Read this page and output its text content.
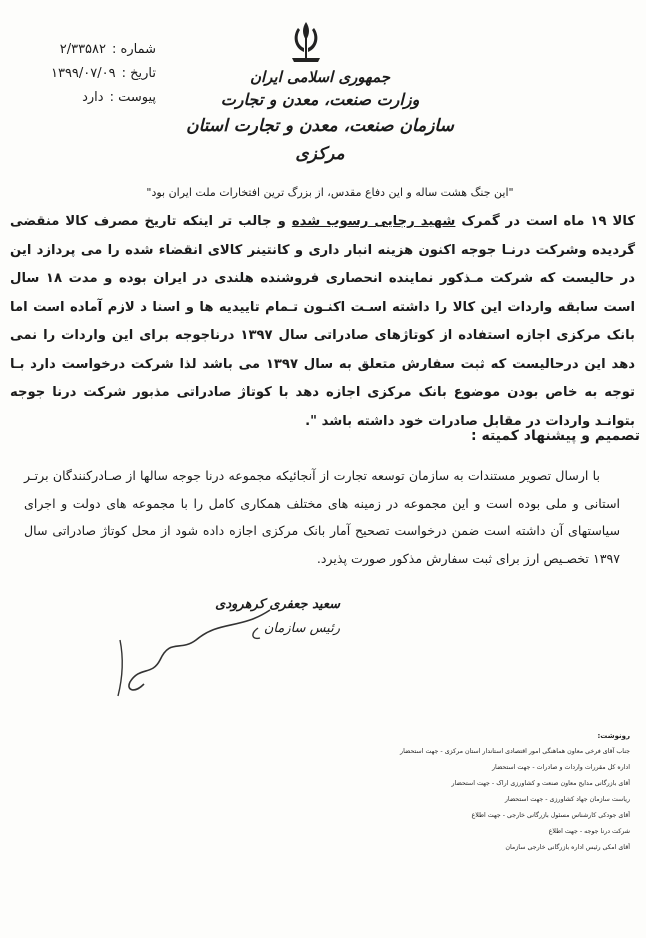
جمهوری اسلامی ایران

وزارت صنعت، معدن و تجارت

سازمان صنعت، معدن و تجارت استان مرکزی

شماره :
۲/۳۳۵۸۲
تاریخ :
۱۳۹۹/۰۷/۰۹
پیوست :
دارد
"این جنگ هشت ساله و این دفاع مقدس، از بزرگ ترین افتخارات ملت ایران بود"

کالا ۱۹ ماه است در گمرک شهید رجایی رسوب شده و جالب تر اینکه تاریخ مصرف کالا منقضی گردیده وشرکت درنـا جوجه اکنون هزینه انبار داری و کانتینر کالای انقضاء شده را می پردازد این در حالیست که شرکت مـذکور نماینده انحصاری فروشنده هلندی در ایران بوده و مدت ۱۸ سال است سابقه واردات این کالا را داشته اسـت اکنـون تـمام تاییدیه ها و اسنا د لازم آماده است اما بانک مرکزی اجازه استفاده از کوتاژهای صادراتی سال ۱۳۹۷ درناجوجه برای این واردات را نمی دهد این درحالیست که ثبت سفارش متعلق به سال ۱۳۹۷ می باشد لذا شرکت درخواست دارد بـا توجه به خاص بودن موضوع بانک مرکزی اجازه دهد با کوتاژ صادراتی مذبور شرکت درنا جوجه بتوانـد واردات در مقابل صادرات خود داشته باشد ".

تصمیم و پیشنهاد کمیته :

با ارسال تصویر مستندات به سازمان توسعه تجارت از آنجائیکه مجموعه درنا جوجه سالها از صـادرکنندگان برتـر استانی و ملی بوده است و این مجموعه در زمینه های مختلف همکاری کامل را با مجموعه های دولت و اجرای سیاستهای آن داشته است ضمن درخواست تصحیح آمار بانک مرکزی اجازه داده شود از محل کوتاژ صادراتی سال ۱۳۹۷ تخصـیص ارز برای ثبت سفارش مذکور صورت پذیرد.

سعید جعفری کرهرودی
رئیس سازمان
رونوشت:
جناب آقای فرخی معاون هماهنگی امور اقتصادی استاندار استان مرکزی - جهت استحضار
اداره کل مقررات واردات و صادرات - جهت استحضار
آقای بازرگانی مدایح معاون صنعت و کشاورزی اراک - جهت استحضار
ریاست سازمان جهاد کشاورزی - جهت استحضار
آقای جودکی کارشناس مسئول بازرگانی خارجی - جهت اطلاع
شرکت درنا جوجه - جهت اطلاع
آقای امکی رئیس اداره بازرگانی خارجی سازمان
